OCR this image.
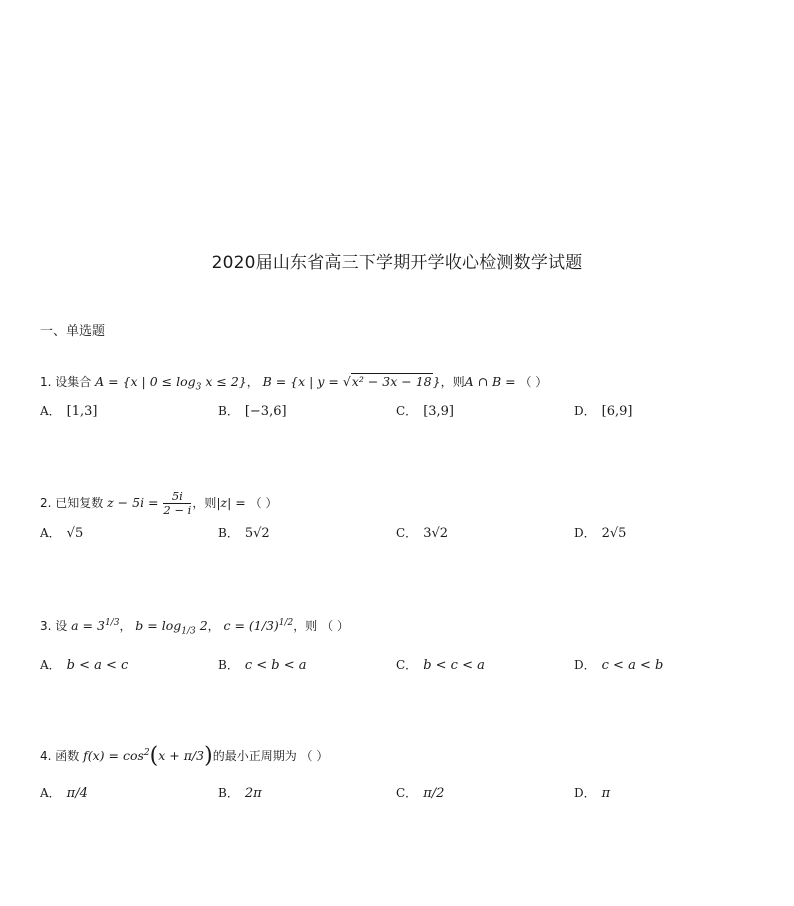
2020届山东省高三下学期开学收心检测数学试题
一、单选题
1. 设集合 A = {x | $0 \le \log_3 x \le 2$}， B = {x | y = √x² − 3x − 18}，则A ∩ B = （ ）
A． [1,3]	B． [−3,6]	C． [3,9]	D． [6,9]
2. 已知复数 $z - 5i = \frac{5i}{2 - i}$ ，则|z| = （ ）
A． √5	B． 5√2	C． 3√2	D． 2√5
3. 设 $a = 3^{1/3}$， $b = \log_{1/3} 2$， $c = (1/3)^{1/2}$，则 （ ）
A． b < a < c	B． c < b < a	C． b < c < a	D． c < a < b
4. 函数 $f(x) = \cos^2(x + \pi/3)$的最小正周期为 （ ）
A． π/4	B． 2π	C． π/2	D． π
